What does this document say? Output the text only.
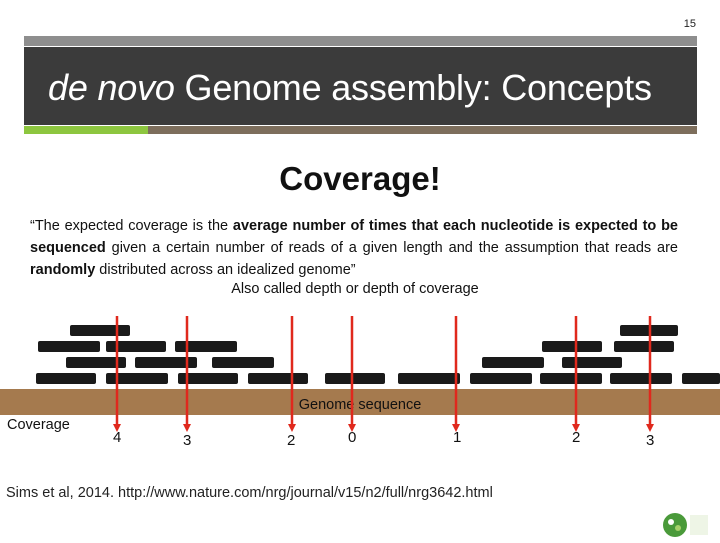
15
de novo Genome assembly: Concepts
Coverage!
“The expected coverage is the average number of times that each nucleotide is expected to be sequenced given a certain number of reads of a given length and the assumption that reads are randomly distributed across an idealized genome”
Also called depth or depth of coverage
Genome sequence
4	3	2	0	1	2	3
Coverage
Sims et al, 2014. http://www.nature.com/nrg/journal/v15/n2/full/nrg3642.html
